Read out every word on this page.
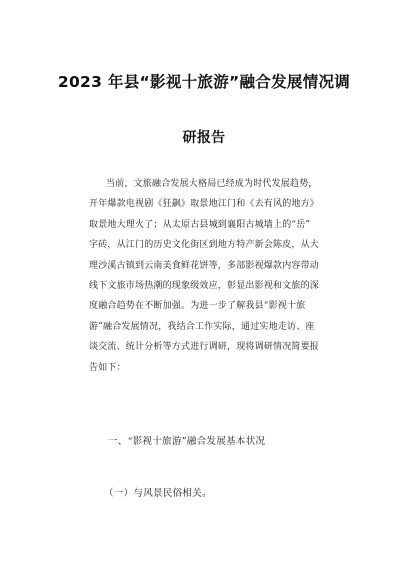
2023 年县“影视十旅游”融合发展情况调
研报告
当前，文旅融合发展大格局已经成为时代发展趋势，
开年爆款电视剧《狂飙》取景地江门和《去有风的地方》
取景地大理火了；从太原古县城到襄阳古城墙上的“岳”
字砖，从江门的历史文化街区到地方特产新会陈皮，从大
理沙溪古镇到云南美食鲜花饼等，多部影视爆款内容带动
线下文旅市场热潮的现象级效应，彰显出影视和文旅的深
度融合趋势在不断加强。为进一步了解我县“影视十旅
游”融合发展情况，我结合工作实际，通过实地走访、座
谈交流、统计分析等方式进行调研，现将调研情况简要报
告如下：
一、“影视十旅游”融合发展基本状况
（一）与风景民俗相关。
